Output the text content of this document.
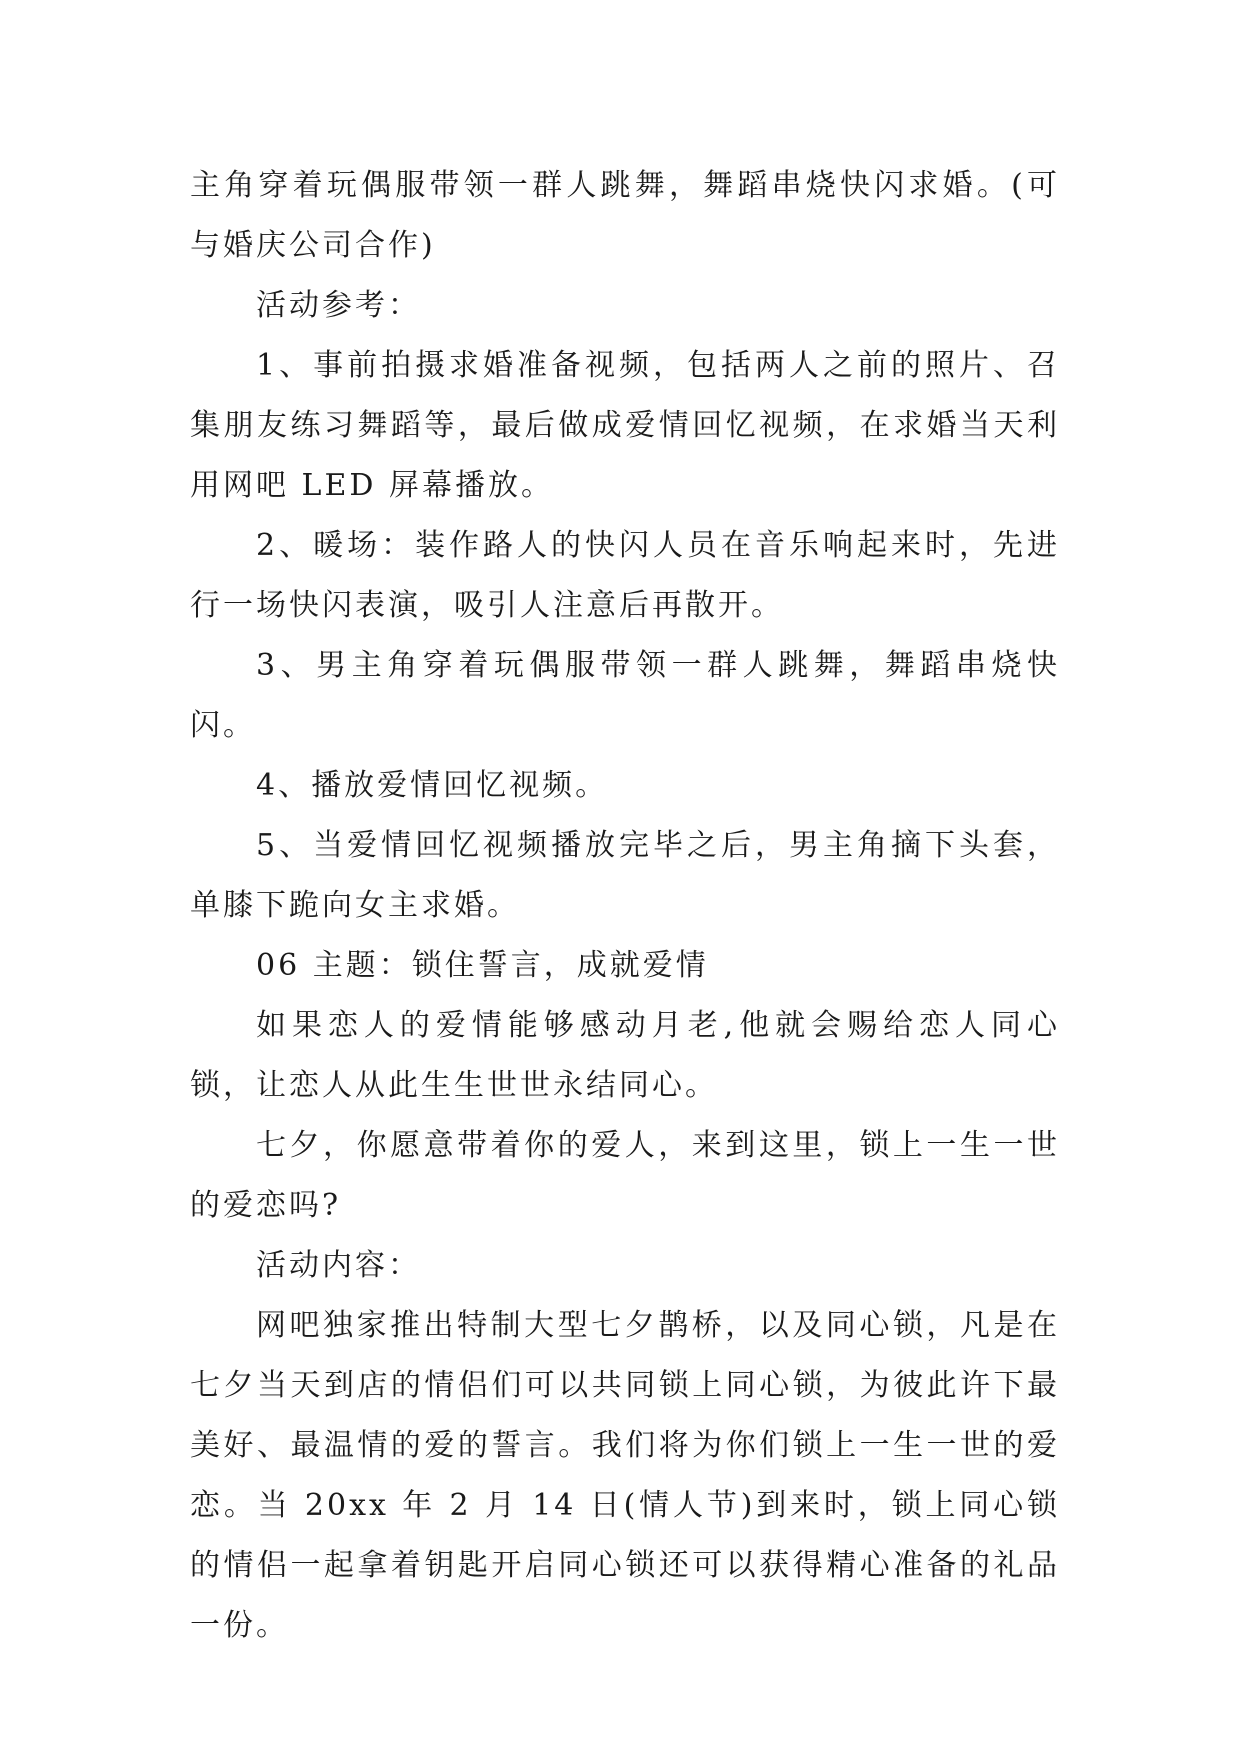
主角穿着玩偶服带领一群人跳舞，舞蹈串烧快闪求婚。(可与婚庆公司合作)

活动参考：

1、事前拍摄求婚准备视频，包括两人之前的照片、召集朋友练习舞蹈等，最后做成爱情回忆视频，在求婚当天利用网吧 LED 屏幕播放。

2、暖场：装作路人的快闪人员在音乐响起来时，先进行一场快闪表演，吸引人注意后再散开。

3、男主角穿着玩偶服带领一群人跳舞，舞蹈串烧快闪。

4、播放爱情回忆视频。

5、当爱情回忆视频播放完毕之后，男主角摘下头套，单膝下跪向女主求婚。

06 主题：锁住誓言，成就爱情

如果恋人的爱情能够感动月老,他就会赐给恋人同心锁，让恋人从此生生世世永结同心。

七夕，你愿意带着你的爱人，来到这里，锁上一生一世的爱恋吗?

活动内容：

网吧独家推出特制大型七夕鹊桥，以及同心锁，凡是在七夕当天到店的情侣们可以共同锁上同心锁，为彼此许下最美好、最温情的爱的誓言。我们将为你们锁上一生一世的爱恋。当 20xx 年 2 月 14 日(情人节)到来时，锁上同心锁的情侣一起拿着钥匙开启同心锁还可以获得精心准备的礼品一份。
